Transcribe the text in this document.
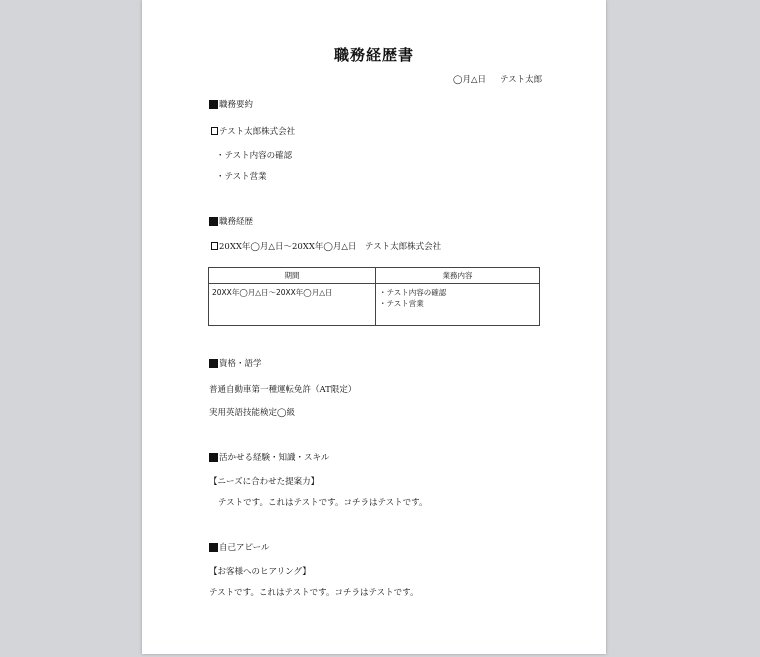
職務経歴書
◯月△日 テスト太郎
職務要約
テスト太郎株式会社
・テスト内容の確認
・テスト営業
職務経歴
20XX年◯月△日〜20XX年◯月△日　テスト太郎株式会社
期間	業務内容
20XX年◯月△日〜20XX年◯月△日	・テスト内容の確認
・テスト営業
資格・語学
普通自動車第一種運転免許（AT限定）
実用英語技能検定◯級
活かせる経験・知識・スキル
【ニーズに合わせた提案力】
テストです。これはテストです。コチラはテストです。
自己アピール
【お客様へのヒアリング】
テストです。これはテストです。コチラはテストです。
